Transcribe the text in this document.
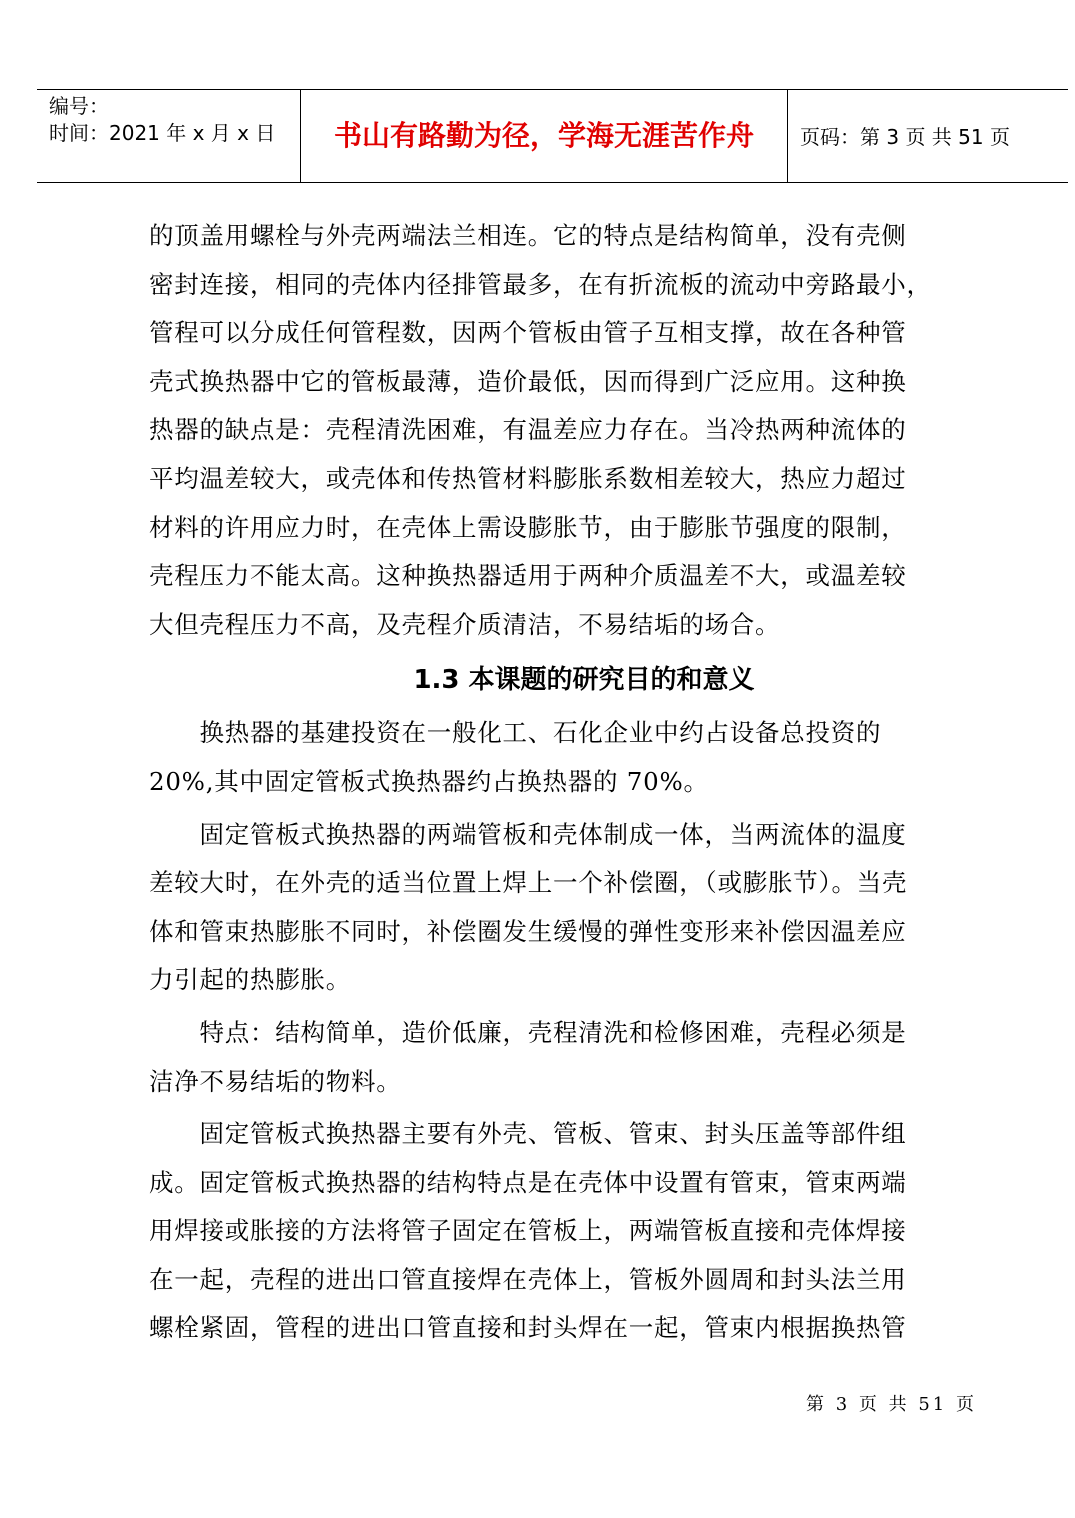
编号：
时间：2021 年 x 月 x 日	书山有路勤为径，学海无涯苦作舟	页码：第 3 页 共 51 页

的顶盖用螺栓与外壳两端法兰相连。它的特点是结构简单，没有壳侧

密封连接，相同的壳体内径排管最多，在有折流板的流动中旁路最小，

管程可以分成任何管程数，因两个管板由管子互相支撑，故在各种管

壳式换热器中它的管板最薄，造价最低，因而得到广泛应用。这种换

热器的缺点是：壳程清洗困难，有温差应力存在。当冷热两种流体的

平均温差较大，或壳体和传热管材料膨胀系数相差较大，热应力超过

材料的许用应力时，在壳体上需设膨胀节，由于膨胀节强度的限制，

壳程压力不能太高。这种换热器适用于两种介质温差不大，或温差较

大但壳程压力不高，及壳程介质清洁，不易结垢的场合。

1.3 本课题的研究目的和意义

　　换热器的基建投资在一般化工、石化企业中约占设备总投资的

20%,其中固定管板式换热器约占换热器的 70%。

　　固定管板式换热器的两端管板和壳体制成一体，当两流体的温度

差较大时，在外壳的适当位置上焊上一个补偿圈，（或膨胀节）。当壳

体和管束热膨胀不同时，补偿圈发生缓慢的弹性变形来补偿因温差应

力引起的热膨胀。

　　特点：结构简单，造价低廉，壳程清洗和检修困难，壳程必须是

洁净不易结垢的物料。

　　固定管板式换热器主要有外壳、管板、管束、封头压盖等部件组

成。固定管板式换热器的结构特点是在壳体中设置有管束，管束两端

用焊接或胀接的方法将管子固定在管板上，两端管板直接和壳体焊接

在一起，壳程的进出口管直接焊在壳体上，管板外圆周和封头法兰用

螺栓紧固，管程的进出口管直接和封头焊在一起，管束内根据换热管

第 3 页 共 51 页
